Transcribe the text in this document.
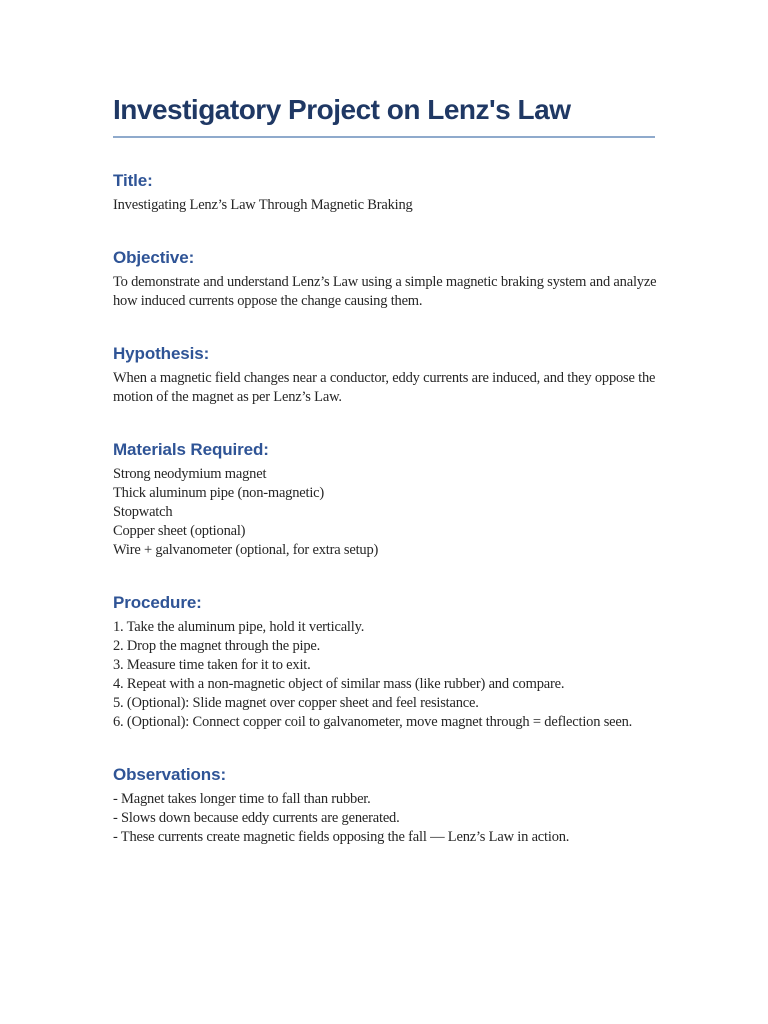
Investigatory Project on Lenz's Law
Title:

Investigating Lenz’s Law Through Magnetic Braking

Objective:

To demonstrate and understand Lenz’s Law using a simple magnetic braking system and analyze how induced currents oppose the change causing them.

Hypothesis:

When a magnetic field changes near a conductor, eddy currents are induced, and they oppose the motion of the magnet as per Lenz’s Law.

Materials Required:

Strong neodymium magnet

Thick aluminum pipe (non-magnetic)

Stopwatch

Copper sheet (optional)

Wire + galvanometer (optional, for extra setup)

Procedure:

1. Take the aluminum pipe, hold it vertically.

2. Drop the magnet through the pipe.

3. Measure time taken for it to exit.

4. Repeat with a non-magnetic object of similar mass (like rubber) and compare.

5. (Optional): Slide magnet over copper sheet and feel resistance.

6. (Optional): Connect copper coil to galvanometer, move magnet through = deflection seen.

Observations:

- Magnet takes longer time to fall than rubber.

- Slows down because eddy currents are generated.

- These currents create magnetic fields opposing the fall — Lenz’s Law in action.
